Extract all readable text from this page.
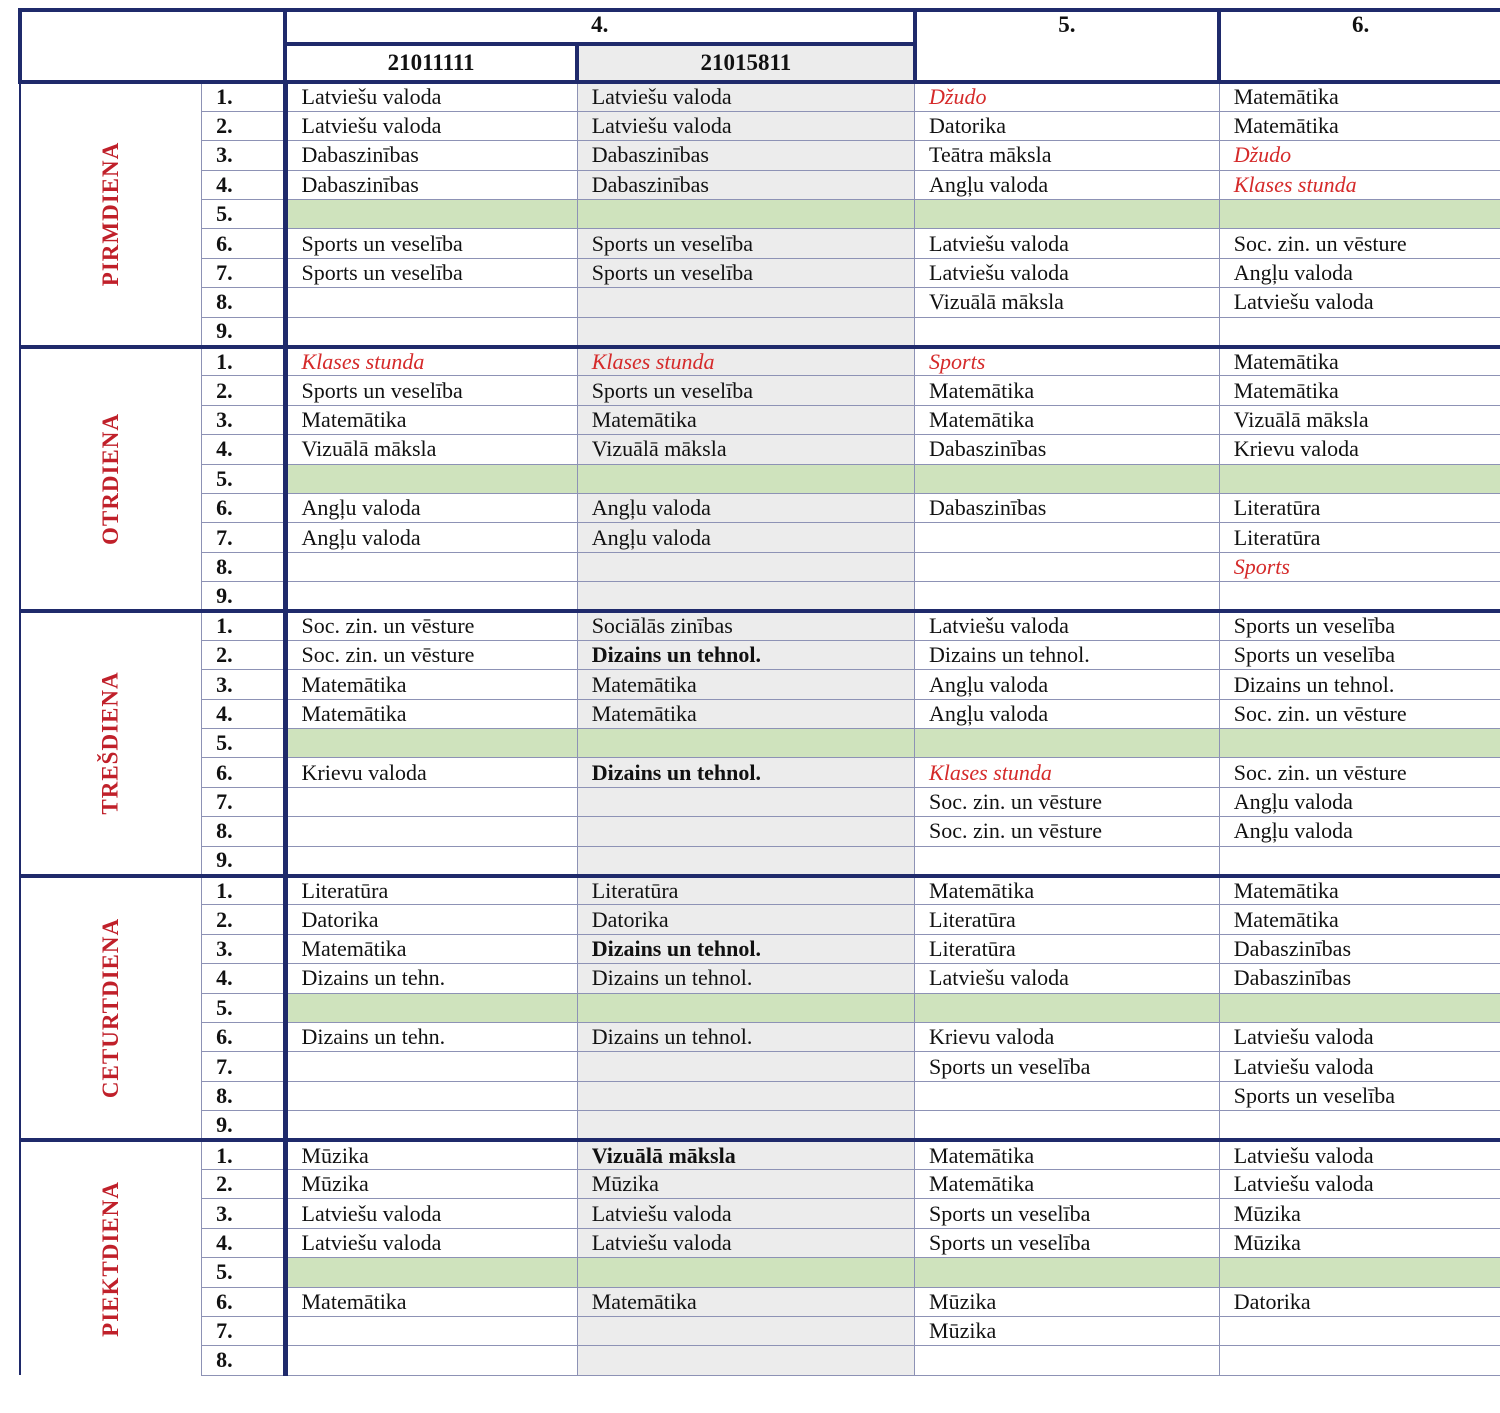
		4.		5.	6.
		21011111	21015811		
PIRMDIENA	1.	Latviešu valoda	Latviešu valoda	Džudo	Matemātika
	2.	Latviešu valoda	Latviešu valoda	Datorika	Matemātika
	3.	Dabaszinības	Dabaszinības	Teātra māksla	Džudo
	4.	Dabaszinības	Dabaszinības	Angļu valoda	Klases stunda
	5.				
	6.	Sports un veselība	Sports un veselība	Latviešu valoda	Soc. zin. un vēsture
	7.	Sports un veselība	Sports un veselība	Latviešu valoda	Angļu valoda
	8.			Vizuālā māksla	Latviešu valoda
	9.				
OTRDIENA	1.	Klases stunda	Klases stunda	Sports	Matemātika
	2.	Sports un veselība	Sports un veselība	Matemātika	Matemātika
	3.	Matemātika	Matemātika	Matemātika	Vizuālā māksla
	4.	Vizuālā māksla	Vizuālā māksla	Dabaszinības	Krievu valoda
	5.				
	6.	Angļu valoda	Angļu valoda	Dabaszinības	Literatūra
	7.	Angļu valoda	Angļu valoda		Literatūra
	8.				Sports
	9.				
TREŠDIENA	1.	Soc. zin. un vēsture	Sociālās zinības	Latviešu valoda	Sports un veselība
	2.	Soc. zin. un vēsture	Dizains un tehnol.	Dizains un tehnol.	Sports un veselība
	3.	Matemātika	Matemātika	Angļu valoda	Dizains un tehnol.
	4.	Matemātika	Matemātika	Angļu valoda	Soc. zin. un vēsture
	5.				
	6.	Krievu valoda	Dizains un tehnol.	Klases stunda	Soc. zin. un vēsture
	7.			Soc. zin. un vēsture	Angļu valoda
	8.			Soc. zin. un vēsture	Angļu valoda
	9.				
CETURTDIENA	1.	Literatūra	Literatūra	Matemātika	Matemātika
	2.	Datorika	Datorika	Literatūra	Matemātika
	3.	Matemātika	Dizains un tehnol.	Literatūra	Dabaszinības
	4.	Dizains un tehn.	Dizains un tehnol.	Latviešu valoda	Dabaszinības
	5.				
	6.	Dizains un tehn.	Dizains un tehnol.	Krievu valoda	Latviešu valoda
	7.			Sports un veselība	Latviešu valoda
	8.				Sports un veselība
	9.				
PIEKTDIENA	1.	Mūzika	Vizuālā māksla	Matemātika	Latviešu valoda
	2.	Mūzika	Mūzika	Matemātika	Latviešu valoda
	3.	Latviešu valoda	Latviešu valoda	Sports un veselība	Mūzika
	4.	Latviešu valoda	Latviešu valoda	Sports un veselība	Mūzika
	5.				
	6.	Matemātika	Matemātika	Mūzika	Datorika
	7.			Mūzika	
	8.				
